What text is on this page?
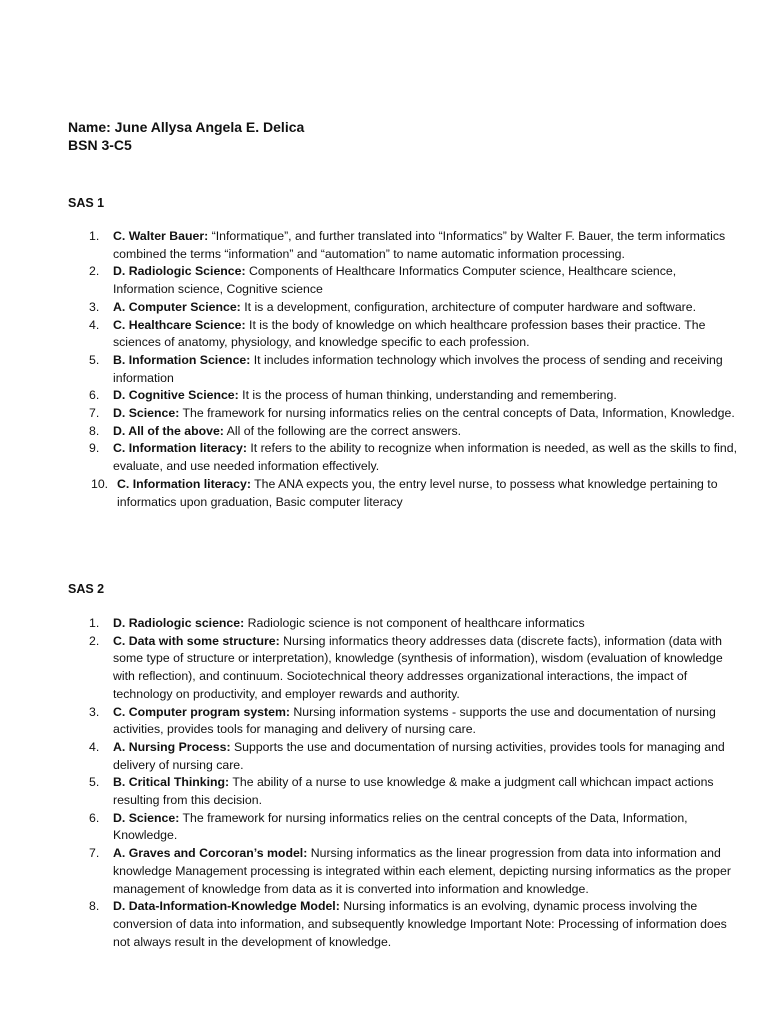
Name: June Allysa Angela E. Delica
BSN 3-C5
SAS 1
1. C. Walter Bauer: “Informatique”, and further translated into “Informatics” by Walter F. Bauer, the term informatics combined the terms “information” and “automation” to name automatic information processing.
2. D. Radiologic Science: Components of Healthcare Informatics Computer science, Healthcare science, Information science, Cognitive science
3. A. Computer Science: It is a development, configuration, architecture of computer hardware and software.
4. C. Healthcare Science: It is the body of knowledge on which healthcare profession bases their practice. The sciences of anatomy, physiology, and knowledge specific to each profession.
5. B. Information Science: It includes information technology which involves the process of sending and receiving information
6. D. Cognitive Science: It is the process of human thinking, understanding and remembering.
7. D. Science: The framework for nursing informatics relies on the central concepts of Data, Information, Knowledge.
8. D. All of the above: All of the following are the correct answers.
9. C. Information literacy: It refers to the ability to recognize when information is needed, as well as the skills to find, evaluate, and use needed information effectively.
10. C. Information literacy: The ANA expects you, the entry level nurse, to possess what knowledge pertaining to informatics upon graduation, Basic computer literacy
SAS 2
1. D. Radiologic science: Radiologic science is not component of healthcare informatics
2. C. Data with some structure: Nursing informatics theory addresses data (discrete facts), information (data with some type of structure or interpretation), knowledge (synthesis of information), wisdom (evaluation of knowledge with reflection), and continuum. Sociotechnical theory addresses organizational interactions, the impact of technology on productivity, and employer rewards and authority.
3. C. Computer program system: Nursing information systems - supports the use and documentation of nursing activities, provides tools for managing and delivery of nursing care.
4. A. Nursing Process: Supports the use and documentation of nursing activities, provides tools for managing and delivery of nursing care.
5. B. Critical Thinking: The ability of a nurse to use knowledge & make a judgment call whichcan impact actions resulting from this decision.
6. D. Science: The framework for nursing informatics relies on the central concepts of the Data, Information, Knowledge.
7. A. Graves and Corcoran’s model: Nursing informatics as the linear progression from data into information and knowledge Management processing is integrated within each element, depicting nursing informatics as the proper management of knowledge from data as it is converted into information and knowledge.
8. D. Data-Information-Knowledge Model: Nursing informatics is an evolving, dynamic process involving the conversion of data into information, and subsequently knowledge Important Note: Processing of information does not always result in the development of knowledge.
